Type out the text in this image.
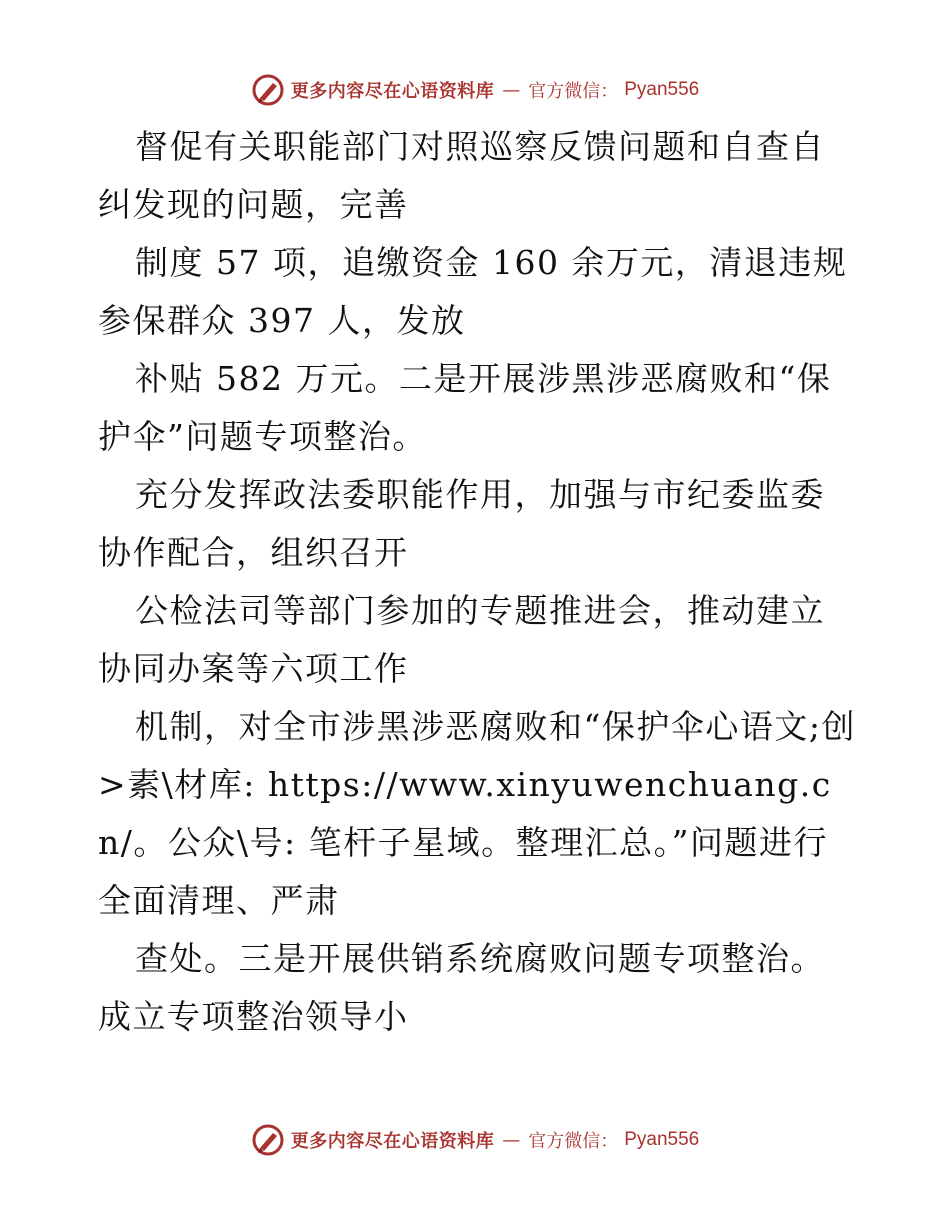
更多内容尽在心语资料库 — 官方微信： Pyan556

督促有关职能部门对照巡察反馈问题和自查自纠发现的问题，完善

制度 57 项，追缴资金 160 余万元，清退违规参保群众 397 人，发放

补贴 582 万元。二是开展涉黑涉恶腐败和“保护伞”问题专项整治。

充分发挥政法委职能作用，加强与市纪委监委协作配合，组织召开

公检法司等部门参加的专题推进会，推动建立协同办案等六项工作

机制，对全市涉黑涉恶腐败和“保护伞心语文;创>素\材库: https://www.xinyuwenchuang.cn/。公众\号: 笔杆子星域。整理汇总。”问题进行全面清理、严肃

查处。三是开展供销系统腐败问题专项整治。成立专项整治领导小

更多内容尽在心语资料库 — 官方微信： Pyan556
